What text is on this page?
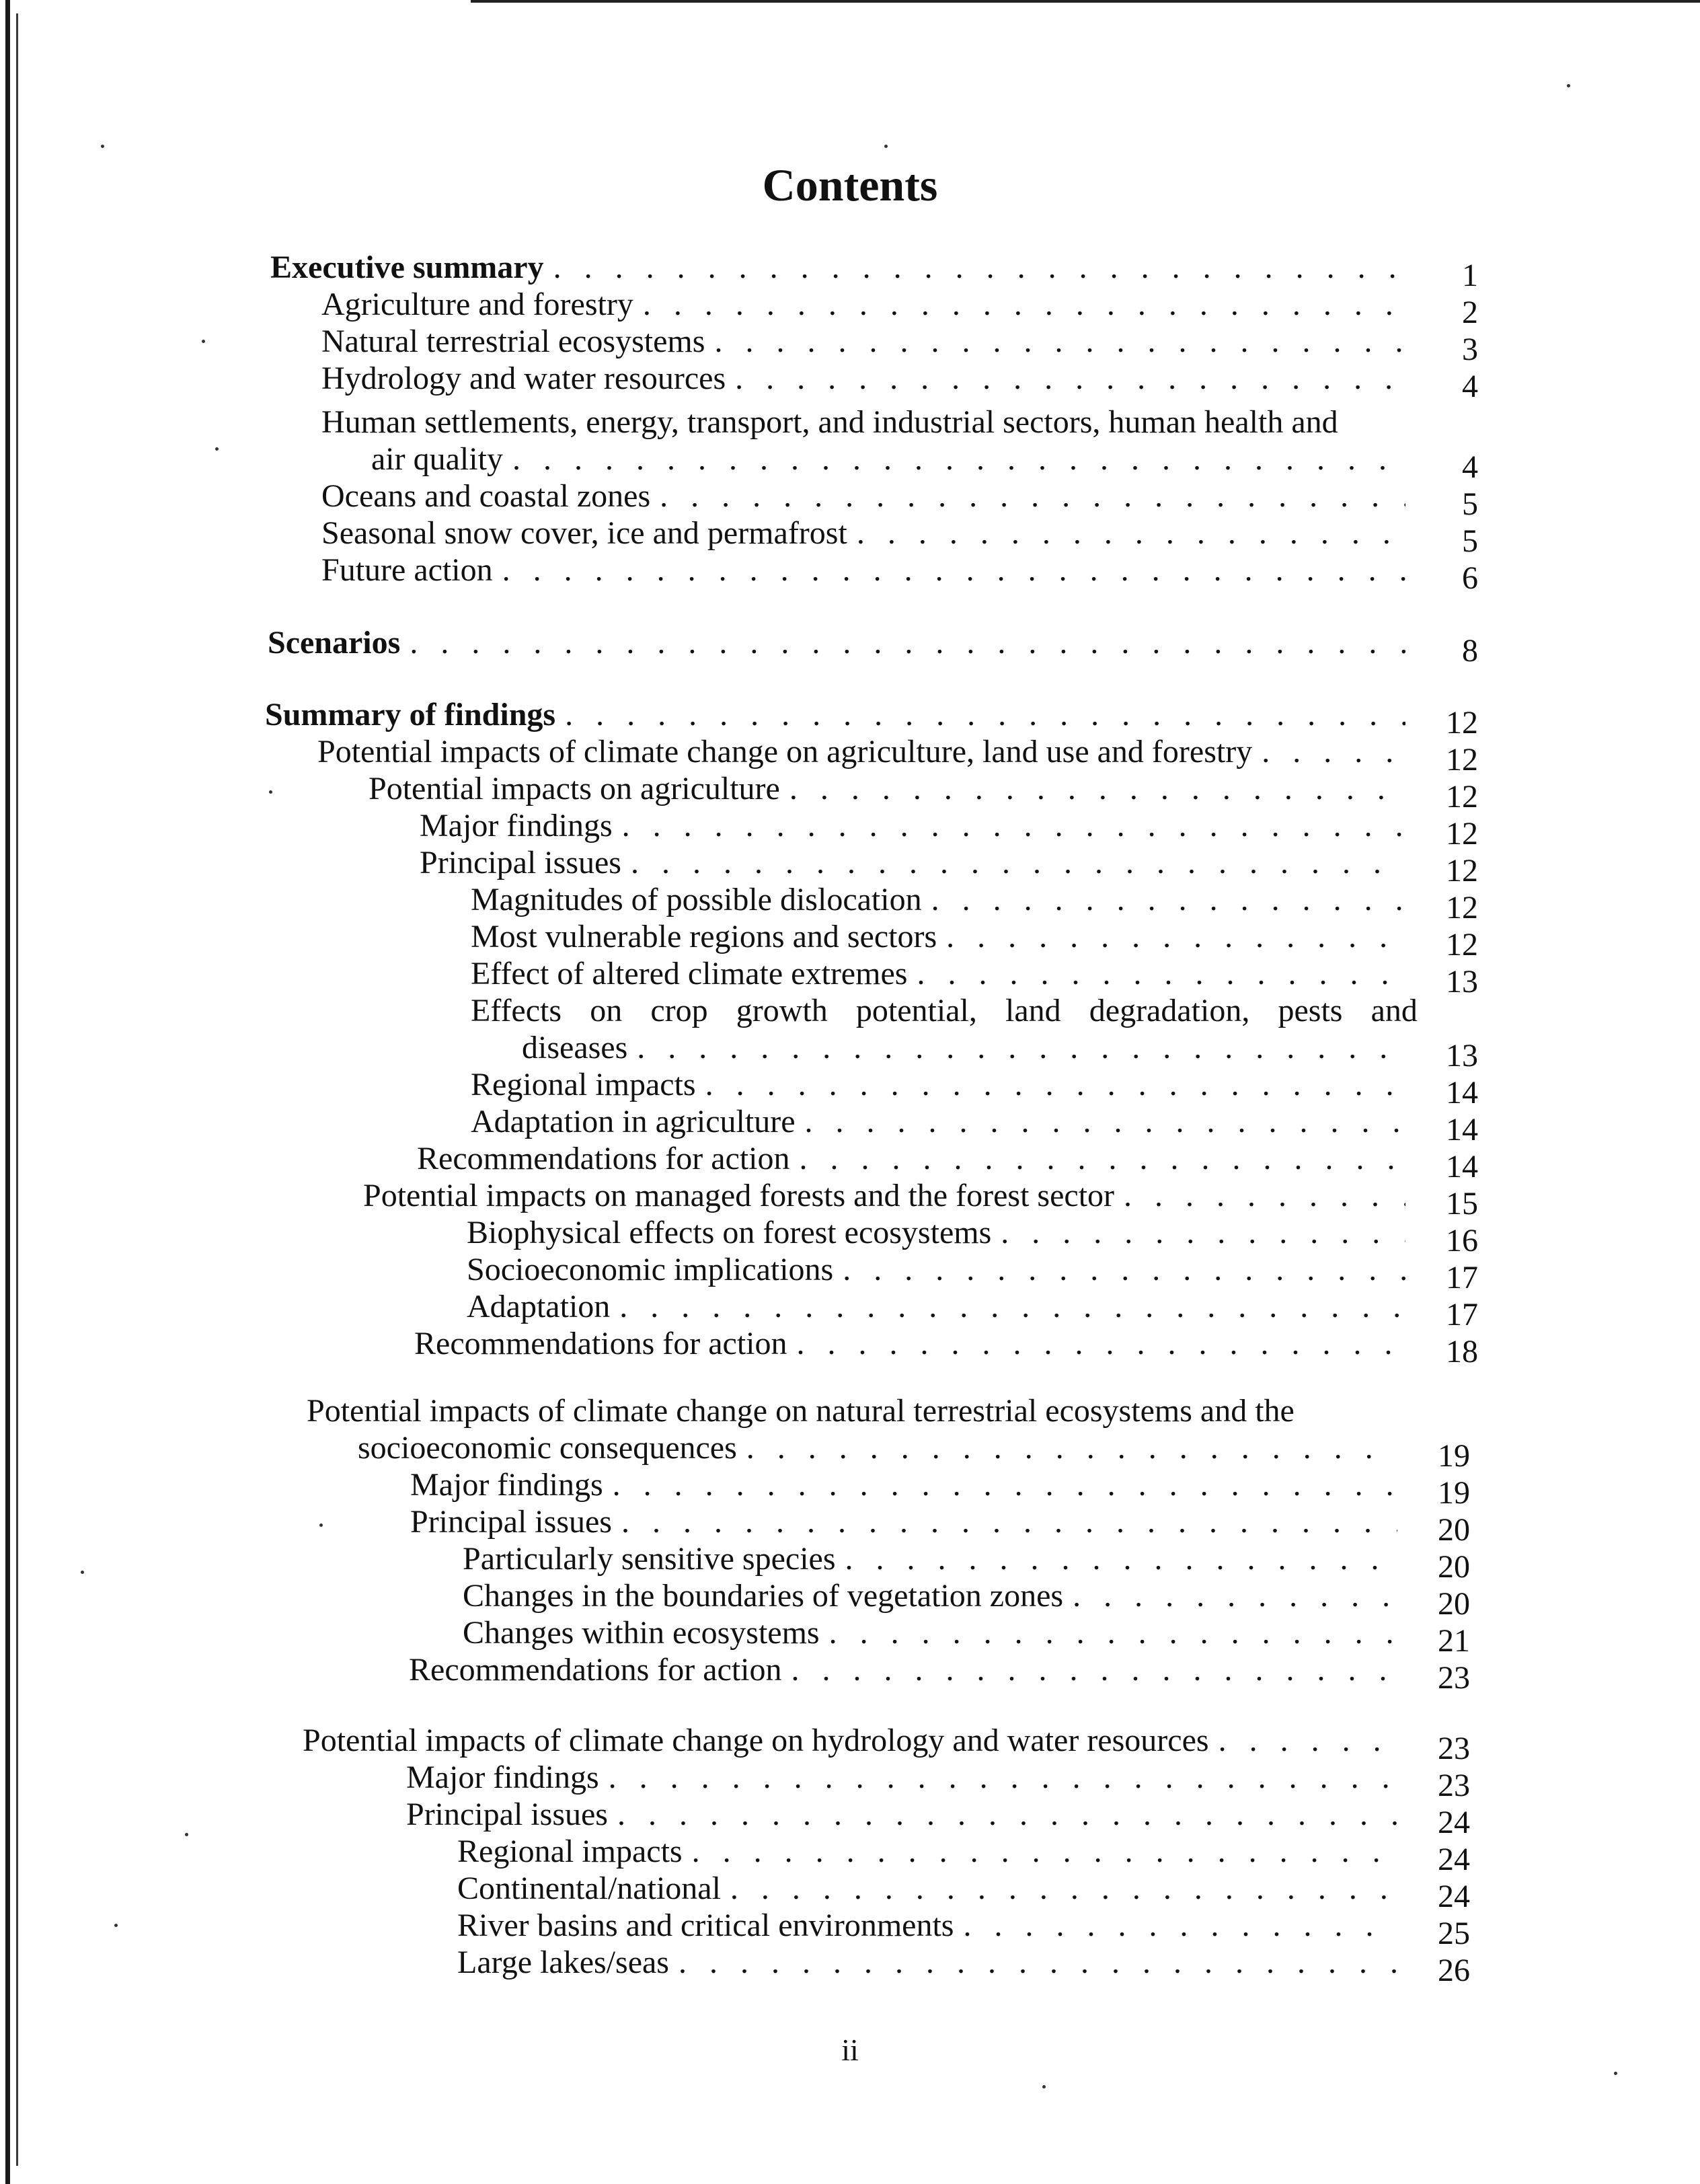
Contents
Executive summary . . .	1
Agriculture and forestry . . .	2
Natural terrestrial ecosystems . . .	3
Hydrology and water resources . . .	4
Human settlements, energy, transport, and industrial sectors, human health and
air quality . . .	4
Oceans and coastal zones . . .	5
Seasonal snow cover, ice and permafrost . . .	5
Future action . . .	6
Scenarios . . .	8
Summary of findings . . .	12
Potential impacts of climate change on agriculture, land use and forestry . . .	12
Potential impacts on agriculture . . .	12
Major findings . . .	12
Principal issues . . .	12
Magnitudes of possible dislocation . . .	12
Most vulnerable regions and sectors . . .	12
Effect of altered climate extremes . . .	13
Effects on crop growth potential, land degradation, pests and
diseases . . .	13
Regional impacts . . .	14
Adaptation in agriculture . . .	14
Recommendations for action . . .	14
Potential impacts on managed forests and the forest sector . . .	15
Biophysical effects on forest ecosystems . . .	16
Socioeconomic implications . . .	17
Adaptation . . .	17
Recommendations for action . . .	18
Potential impacts of climate change on natural terrestrial ecosystems and the
socioeconomic consequences . . .	19
Major findings . . .	19
Principal issues . . .	20
Particularly sensitive species . . .	20
Changes in the boundaries of vegetation zones . . .	20
Changes within ecosystems . . .	21
Recommendations for action . . .	23
Potential impacts of climate change on hydrology and water resources . . .	23
Major findings . . .	23
Principal issues . . .	24
Regional impacts . . .	24
Continental/national . . .	24
River basins and critical environments . . .	25
Large lakes/seas . . .	26
ii
